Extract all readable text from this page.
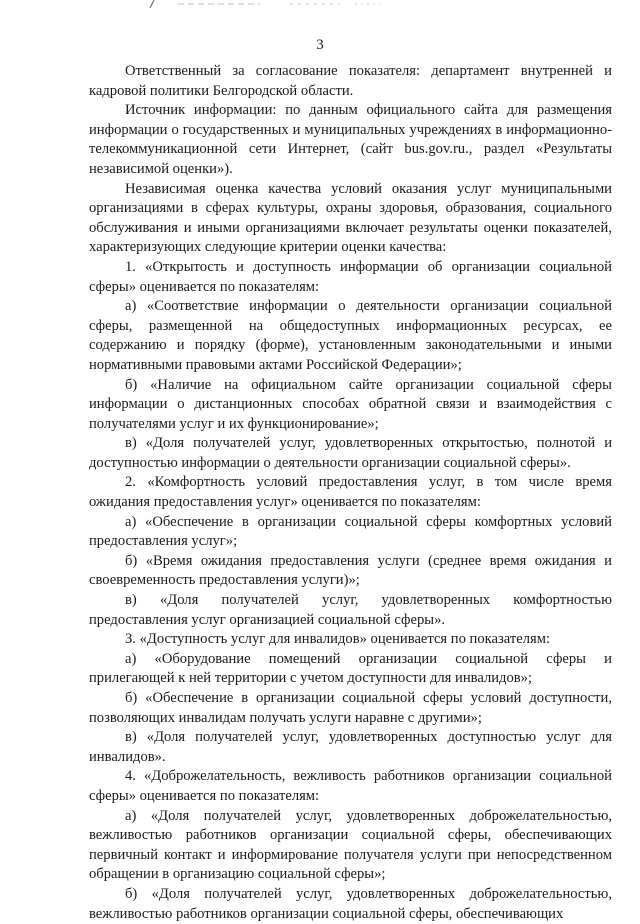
3

Ответственный за согласование показателя: департамент внутренней и кадровой политики Белгородской области.

Источник информации: по данным официального сайта для размещения информации о государственных и муниципальных учреждениях в информационно-телекоммуникационной сети Интернет, (сайт bus.gov.ru., раздел «Результаты независимой оценки»).

Независимая оценка качества условий оказания услуг муниципальными организациями в сферах культуры, охраны здоровья, образования, социального обслуживания и иными организациями включает результаты оценки показателей, характеризующих следующие критерии оценки качества:

1. «Открытость и доступность информации об организации социальной сферы» оценивается по показателям:

а) «Соответствие информации о деятельности организации социальной сферы, размещенной на общедоступных информационных ресурсах, ее содержанию и порядку (форме), установленным законодательными и иными нормативными правовыми актами Российской Федерации»;

б) «Наличие на официальном сайте организации социальной сферы информации о дистанционных способах обратной связи и взаимодействия с получателями услуг и их функционирование»;

в) «Доля получателей услуг, удовлетворенных открытостью, полнотой и доступностью информации о деятельности организации социальной сферы».

2. «Комфортность условий предоставления услуг, в том числе время ожидания предоставления услуг» оценивается по показателям:

а) «Обеспечение в организации социальной сферы комфортных условий предоставления услуг»;

б) «Время ожидания предоставления услуги (среднее время ожидания и своевременность предоставления услуги)»;

в) «Доля получателей услуг, удовлетворенных комфортностью предоставления услуг организацией социальной сферы».

3. «Доступность услуг для инвалидов» оценивается по показателям:

а) «Оборудование помещений организации социальной сферы и прилегающей к ней территории с учетом доступности для инвалидов»;

б) «Обеспечение в организации социальной сферы условий доступности, позволяющих инвалидам получать услуги наравне с другими»;

в) «Доля получателей услуг, удовлетворенных доступностью услуг для инвалидов».

4. «Доброжелательность, вежливость работников организации социальной сферы» оценивается по показателям:

а) «Доля получателей услуг, удовлетворенных доброжелательностью, вежливостью работников организации социальной сферы, обеспечивающих первичный контакт и информирование получателя услуги при непосредственном обращении в организацию социальной сферы»;

б) «Доля получателей услуг, удовлетворенных доброжелательностью, вежливостью работников организации социальной сферы, обеспечивающих
